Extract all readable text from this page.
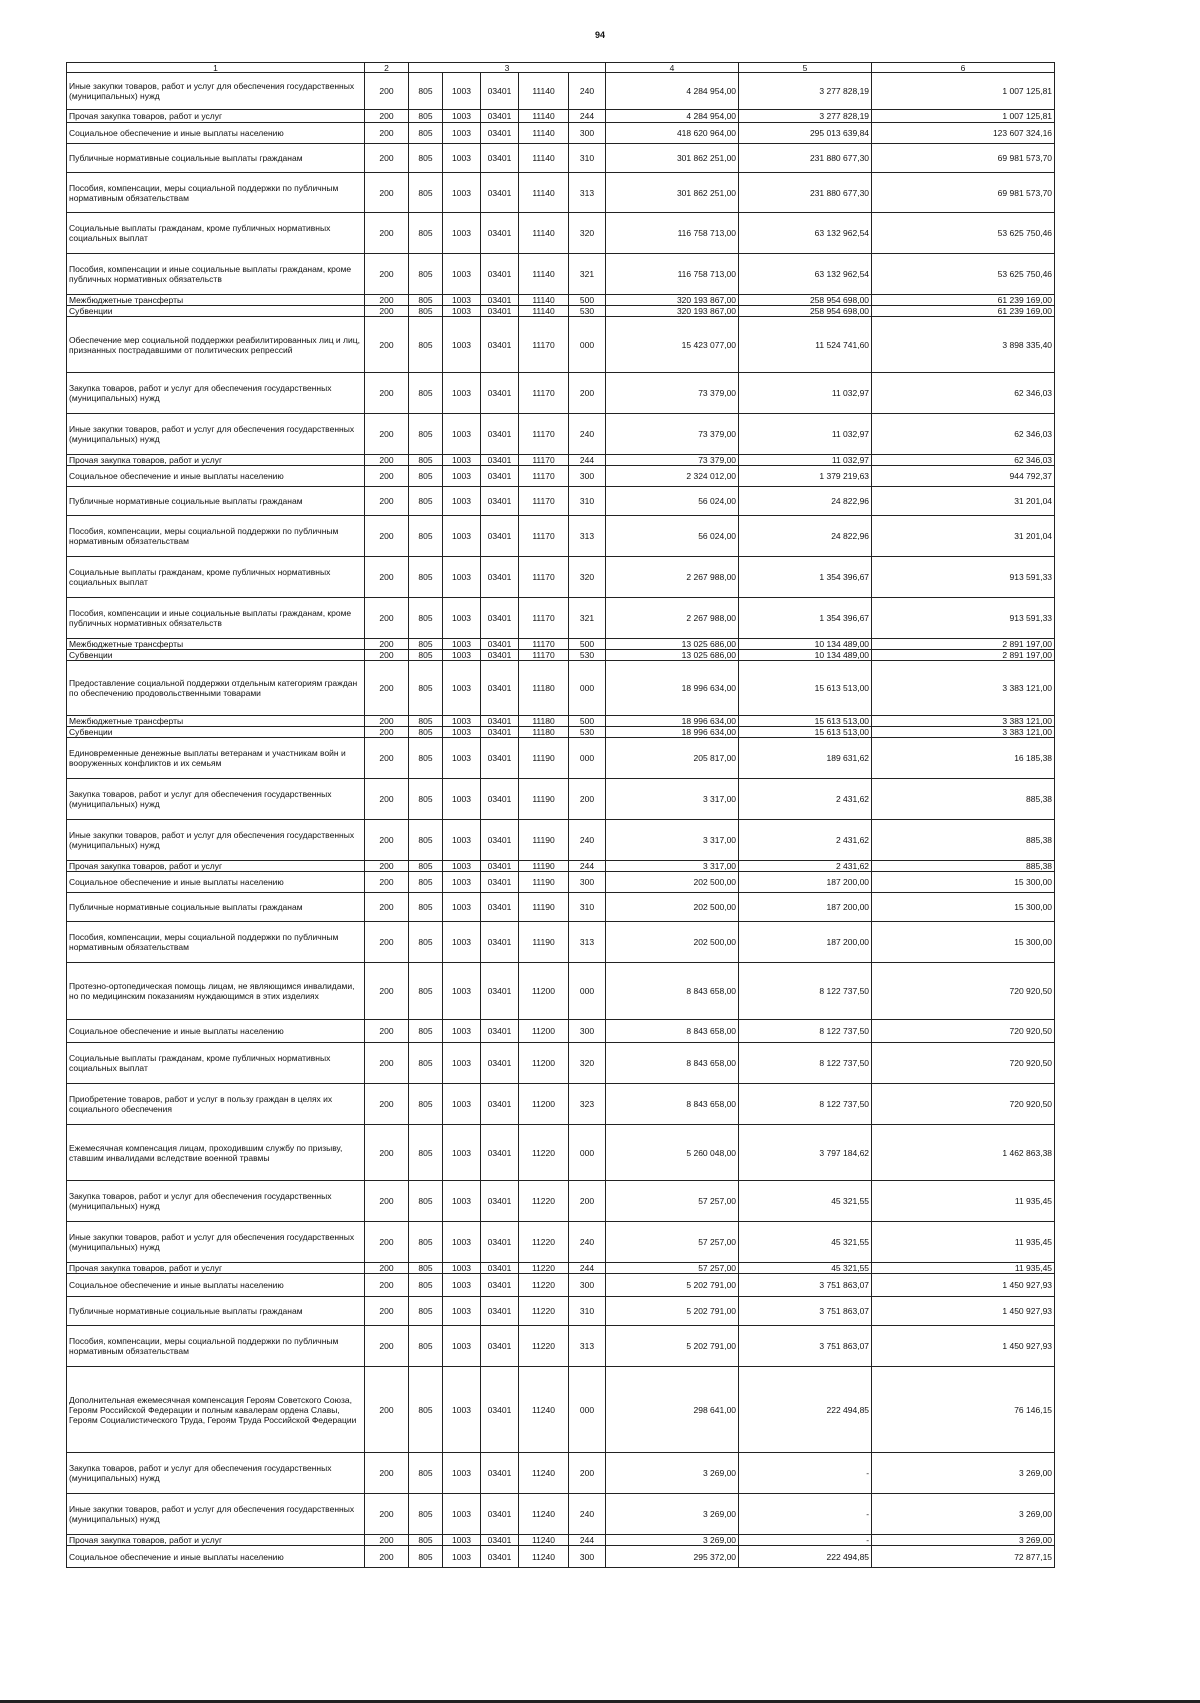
94
1	2	3					4	5	6
Иные закупки товаров, работ и услуг для обеспечения государственных (муниципальных) нужд	200	805	1003	03401	11140	240	4 284 954,00	3 277 828,19	1 007 125,81
Прочая закупка товаров, работ и услуг	200	805	1003	03401	11140	244	4 284 954,00	3 277 828,19	1 007 125,81
Социальное обеспечение и иные выплаты населению	200	805	1003	03401	11140	300	418 620 964,00	295 013 639,84	123 607 324,16
Публичные нормативные социальные выплаты гражданам	200	805	1003	03401	11140	310	301 862 251,00	231 880 677,30	69 981 573,70
Пособия, компенсации, меры социальной поддержки по публичным нормативным обязательствам	200	805	1003	03401	11140	313	301 862 251,00	231 880 677,30	69 981 573,70
Социальные выплаты гражданам, кроме публичных нормативных социальных выплат	200	805	1003	03401	11140	320	116 758 713,00	63 132 962,54	53 625 750,46
Пособия, компенсации и иные социальные выплаты гражданам, кроме публичных нормативных обязательств	200	805	1003	03401	11140	321	116 758 713,00	63 132 962,54	53 625 750,46
Межбюджетные трансферты	200	805	1003	03401	11140	500	320 193 867,00	258 954 698,00	61 239 169,00
Субвенции	200	805	1003	03401	11140	530	320 193 867,00	258 954 698,00	61 239 169,00
Обеспечение мер социальной поддержки реабилитированных лиц и лиц, признанных пострадавшими от политических репрессий	200	805	1003	03401	11170	000	15 423 077,00	11 524 741,60	3 898 335,40
Закупка товаров, работ и услуг для обеспечения государственных (муниципальных) нужд	200	805	1003	03401	11170	200	73 379,00	11 032,97	62 346,03
Иные закупки товаров, работ и услуг для обеспечения государственных (муниципальных) нужд	200	805	1003	03401	11170	240	73 379,00	11 032,97	62 346,03
Прочая закупка товаров, работ и услуг	200	805	1003	03401	11170	244	73 379,00	11 032,97	62 346,03
Социальное обеспечение и иные выплаты населению	200	805	1003	03401	11170	300	2 324 012,00	1 379 219,63	944 792,37
Публичные нормативные социальные выплаты гражданам	200	805	1003	03401	11170	310	56 024,00	24 822,96	31 201,04
Пособия, компенсации, меры социальной поддержки по публичным нормативным обязательствам	200	805	1003	03401	11170	313	56 024,00	24 822,96	31 201,04
Социальные выплаты гражданам, кроме публичных нормативных социальных выплат	200	805	1003	03401	11170	320	2 267 988,00	1 354 396,67	913 591,33
Пособия, компенсации и иные социальные выплаты гражданам, кроме публичных нормативных обязательств	200	805	1003	03401	11170	321	2 267 988,00	1 354 396,67	913 591,33
Межбюджетные трансферты	200	805	1003	03401	11170	500	13 025 686,00	10 134 489,00	2 891 197,00
Субвенции	200	805	1003	03401	11170	530	13 025 686,00	10 134 489,00	2 891 197,00
Предоставление социальной поддержки отдельным категориям граждан по обеспечению продовольственными товарами	200	805	1003	03401	11180	000	18 996 634,00	15 613 513,00	3 383 121,00
Межбюджетные трансферты	200	805	1003	03401	11180	500	18 996 634,00	15 613 513,00	3 383 121,00
Субвенции	200	805	1003	03401	11180	530	18 996 634,00	15 613 513,00	3 383 121,00
Единовременные денежные выплаты ветеранам и участникам войн и вооруженных конфликтов и их семьям	200	805	1003	03401	11190	000	205 817,00	189 631,62	16 185,38
Закупка товаров, работ и услуг для обеспечения государственных (муниципальных) нужд	200	805	1003	03401	11190	200	3 317,00	2 431,62	885,38
Иные закупки товаров, работ и услуг для обеспечения государственных (муниципальных) нужд	200	805	1003	03401	11190	240	3 317,00	2 431,62	885,38
Прочая закупка товаров, работ и услуг	200	805	1003	03401	11190	244	3 317,00	2 431,62	885,38
Социальное обеспечение и иные выплаты населению	200	805	1003	03401	11190	300	202 500,00	187 200,00	15 300,00
Публичные нормативные социальные выплаты гражданам	200	805	1003	03401	11190	310	202 500,00	187 200,00	15 300,00
Пособия, компенсации, меры социальной поддержки по публичным нормативным обязательствам	200	805	1003	03401	11190	313	202 500,00	187 200,00	15 300,00
Протезно-ортопедическая помощь лицам, не являющимся инвалидами, но по медицинским показаниям нуждающимся в этих изделиях	200	805	1003	03401	11200	000	8 843 658,00	8 122 737,50	720 920,50
Социальное обеспечение и иные выплаты населению	200	805	1003	03401	11200	300	8 843 658,00	8 122 737,50	720 920,50
Социальные выплаты гражданам, кроме публичных нормативных социальных выплат	200	805	1003	03401	11200	320	8 843 658,00	8 122 737,50	720 920,50
Приобретение товаров, работ и услуг в пользу граждан в целях их социального обеспечения	200	805	1003	03401	11200	323	8 843 658,00	8 122 737,50	720 920,50
Ежемесячная компенсация лицам, проходившим службу по призыву, ставшим инвалидами вследствие военной травмы	200	805	1003	03401	11220	000	5 260 048,00	3 797 184,62	1 462 863,38
Закупка товаров, работ и услуг для обеспечения государственных (муниципальных) нужд	200	805	1003	03401	11220	200	57 257,00	45 321,55	11 935,45
Иные закупки товаров, работ и услуг для обеспечения государственных (муниципальных) нужд	200	805	1003	03401	11220	240	57 257,00	45 321,55	11 935,45
Прочая закупка товаров, работ и услуг	200	805	1003	03401	11220	244	57 257,00	45 321,55	11 935,45
Социальное обеспечение и иные выплаты населению	200	805	1003	03401	11220	300	5 202 791,00	3 751 863,07	1 450 927,93
Публичные нормативные социальные выплаты гражданам	200	805	1003	03401	11220	310	5 202 791,00	3 751 863,07	1 450 927,93
Пособия, компенсации, меры социальной поддержки по публичным нормативным обязательствам	200	805	1003	03401	11220	313	5 202 791,00	3 751 863,07	1 450 927,93
Дополнительная ежемесячная компенсация Героям Советского Союза, Героям Российской Федерации и полным кавалерам ордена Славы, Героям Социалистического Труда, Героям Труда Российской Федерации	200	805	1003	03401	11240	000	298 641,00	222 494,85	76 146,15
Закупка товаров, работ и услуг для обеспечения государственных (муниципальных) нужд	200	805	1003	03401	11240	200	3 269,00	-	3 269,00
Иные закупки товаров, работ и услуг для обеспечения государственных (муниципальных) нужд	200	805	1003	03401	11240	240	3 269,00	-	3 269,00
Прочая закупка товаров, работ и услуг	200	805	1003	03401	11240	244	3 269,00	-	3 269,00
Социальное обеспечение и иные выплаты населению	200	805	1003	03401	11240	300	295 372,00	222 494,85	72 877,15
